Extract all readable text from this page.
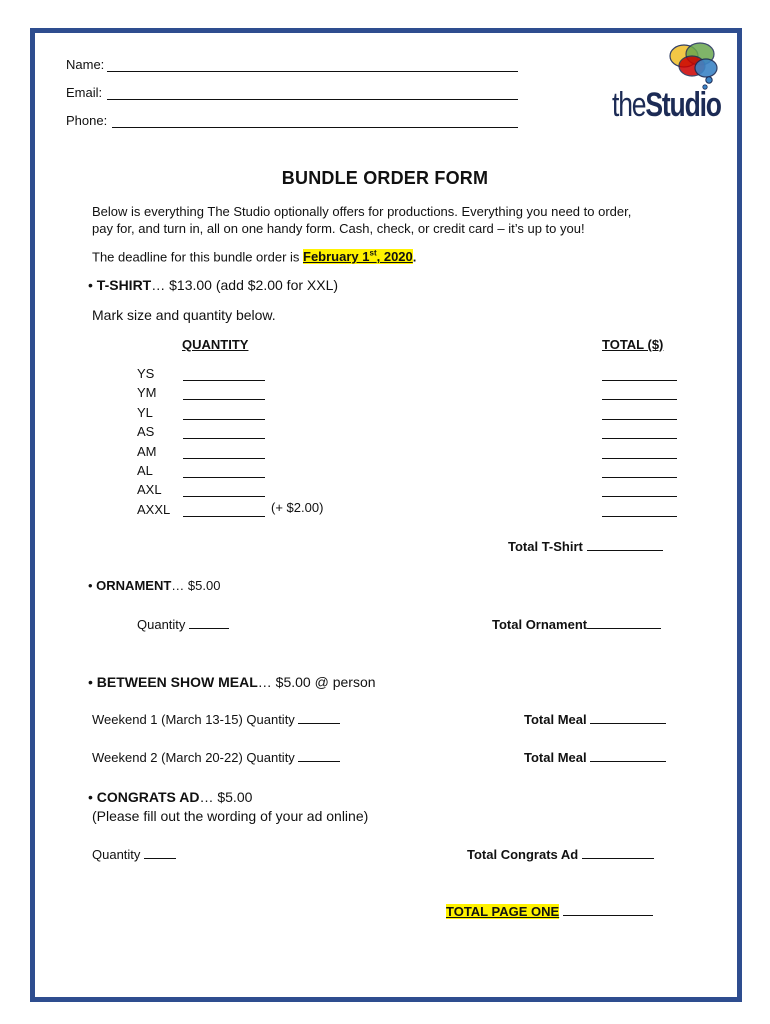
Name:
Email:
Phone:	theStudio
BUNDLE ORDER FORM
Below is everything The Studio optionally offers for productions. Everything you need to order,
pay for, and turn in, all on one handy form. Cash, check, or credit card – it’s up to you!
The deadline for this bundle order is February 1st, 2020.
• T-SHIRT… $13.00 (add $2.00 for XXL)
Mark size and quantity below.
QUANTITY	TOTAL ($)
YS
YM
YL
AS
AM
AL
AXL
AXXL	(+ $2.00)
Total T-Shirt
• ORNAMENT… $5.00
Quantity	Total Ornament
• BETWEEN SHOW MEAL… $5.00 @ person
Weekend 1 (March 13-15) Quantity	Total Meal
Weekend 2 (March 20-22) Quantity	Total Meal
• CONGRATS AD… $5.00
(Please fill out the wording of your ad online)
Quantity	Total Congrats Ad
TOTAL PAGE ONE
